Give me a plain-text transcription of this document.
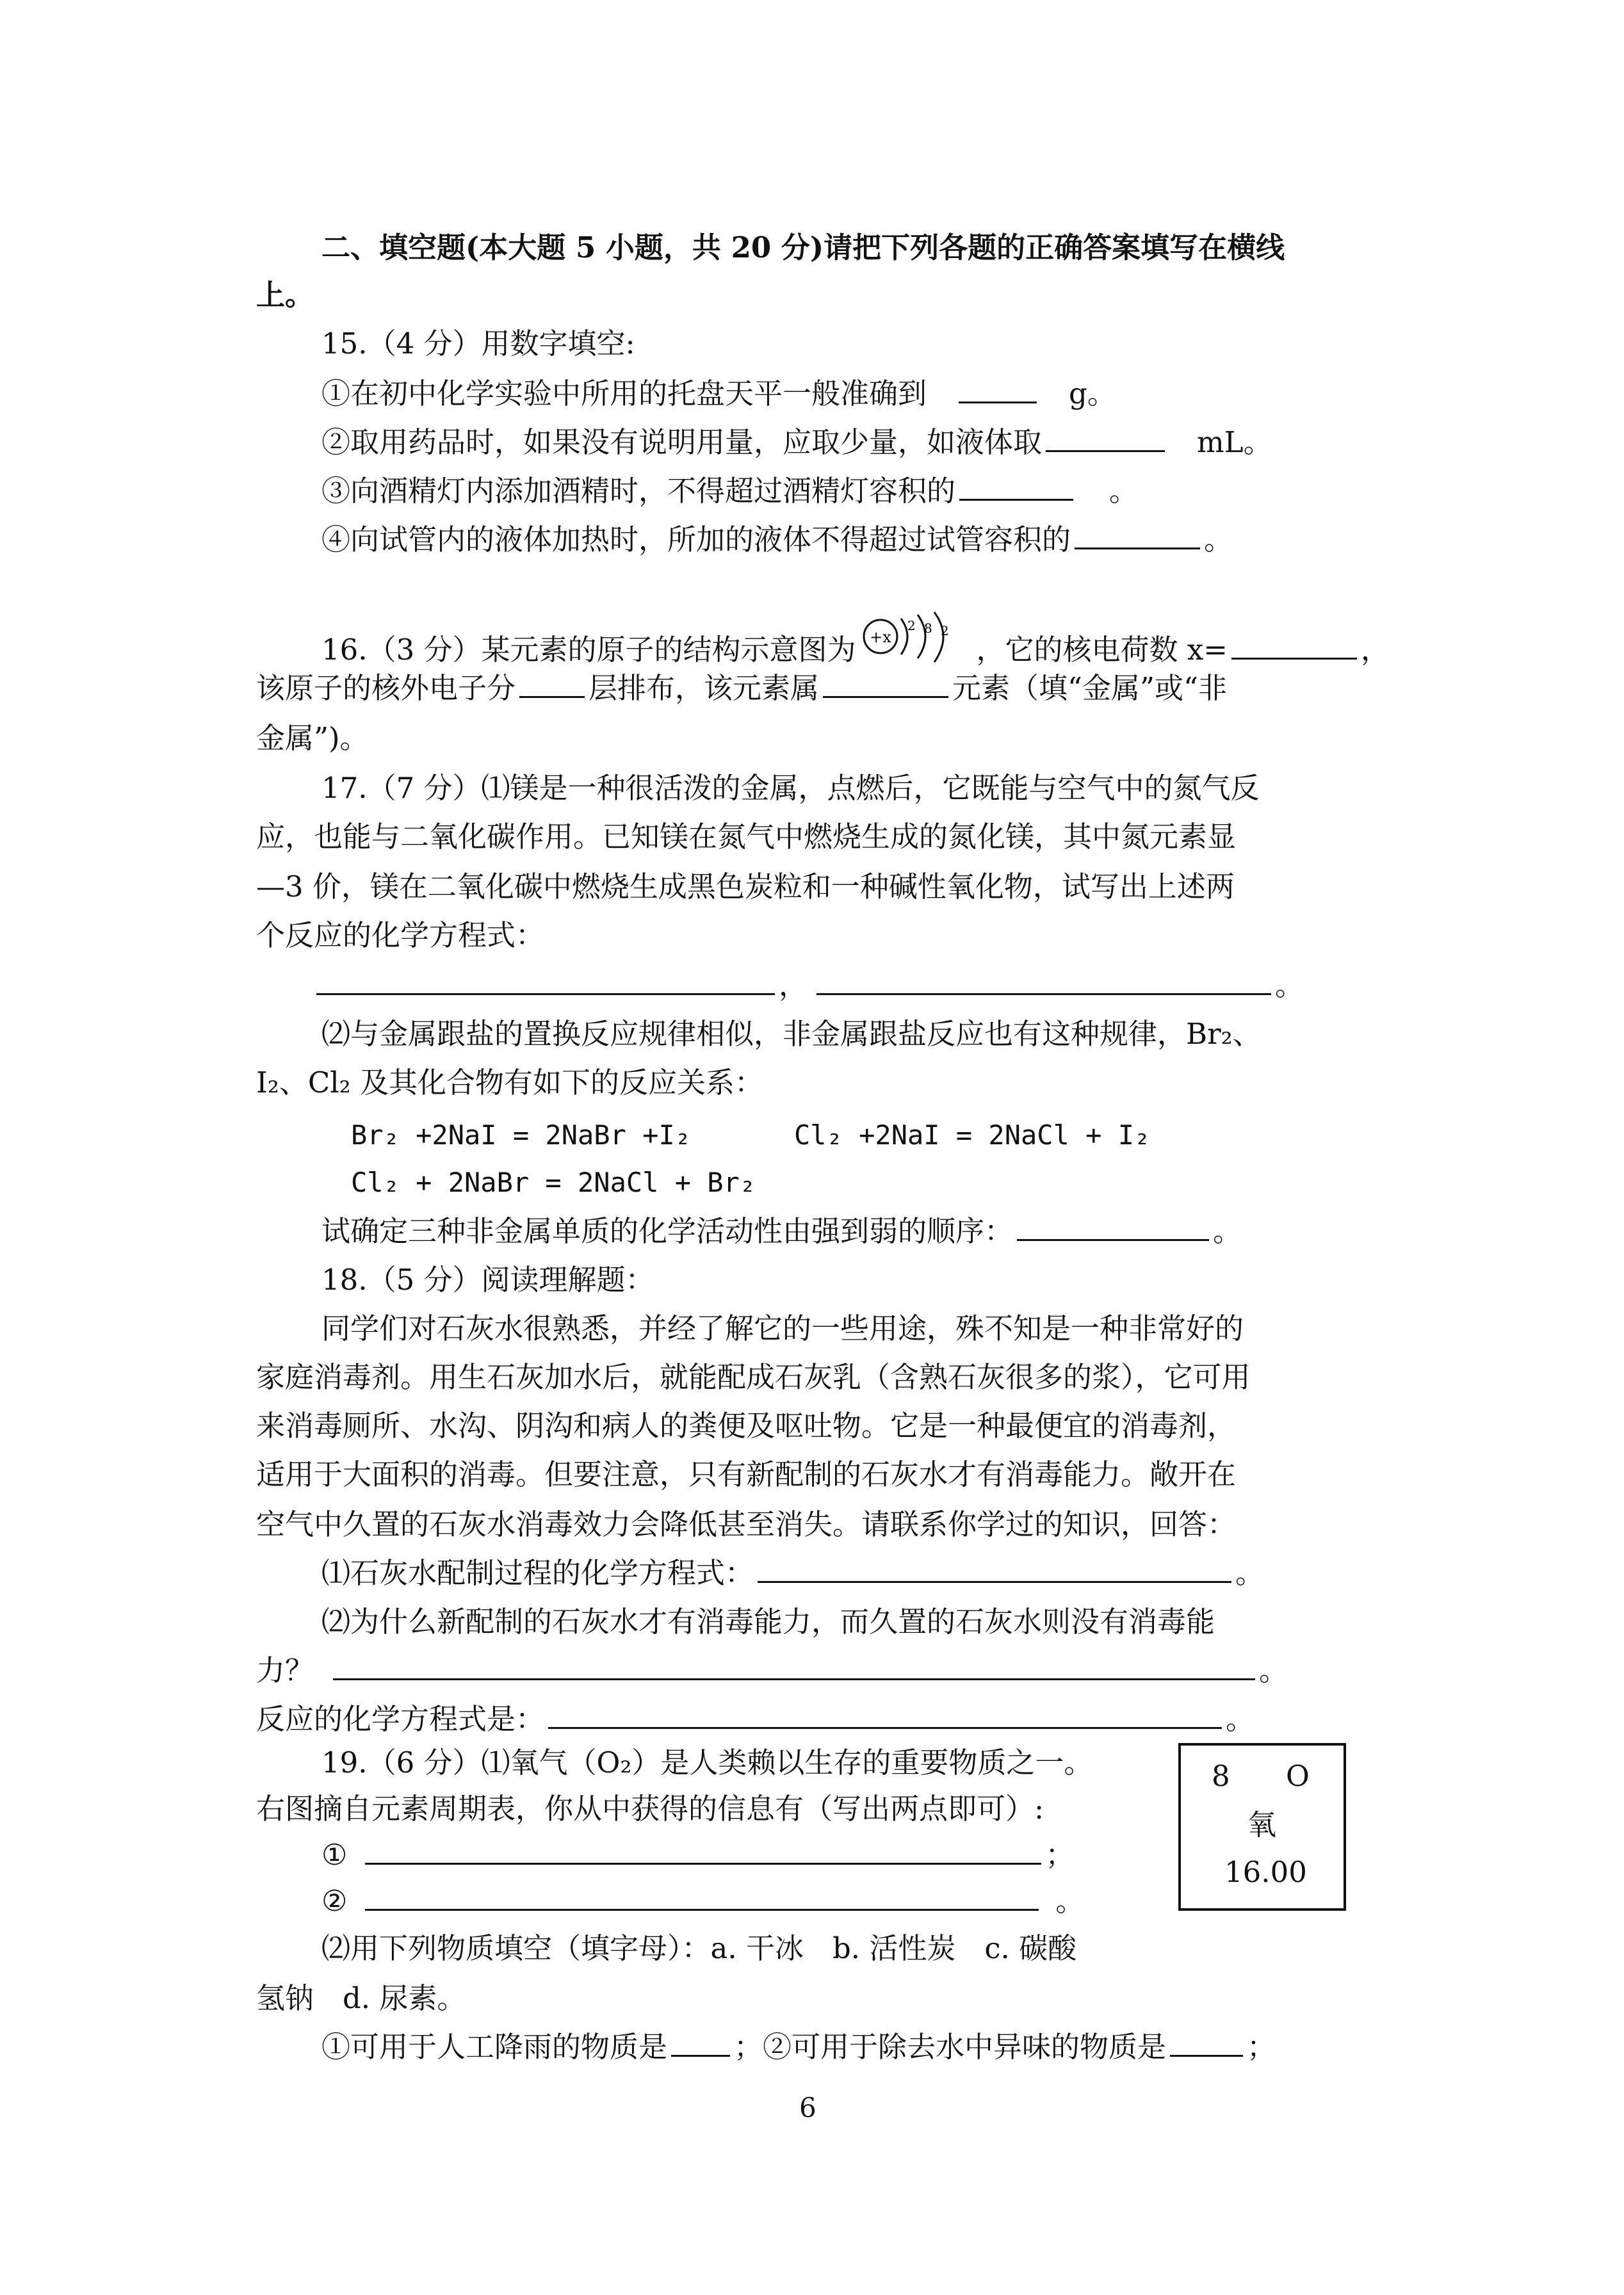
二、填空题(本大题 5 小题，共 20 分)请把下列各题的正确答案填写在横线
上。
15.（4 分）用数字填空:
①在初中化学实验中所用的托盘天平一般准确到	g。
②取用药品时，如果没有说明用量，应取少量，如液体取	mL。
③向酒精灯内添加酒精时，不得超过酒精灯容积的	。
④向试管内的液体加热时，所加的液体不得超过试管容积的	。
16.（3 分）某元素的原子的结构示意图为 +x
2 8 2
，它的核电荷数 x=	，
该原子的核外电子分	层排布，该元素属	元素（填“金属”或“非
金属”)。
17.（7 分）⑴镁是一种很活泼的金属，点燃后，它既能与空气中的氮气反
应，也能与二氧化碳作用。已知镁在氮气中燃烧生成的氮化镁，其中氮元素显
—3 价，镁在二氧化碳中燃烧生成黑色炭粒和一种碱性氧化物，试写出上述两
个反应的化学方程式：
，	。
⑵与金属跟盐的置换反应规律相似，非金属跟盐反应也有这种规律，Br₂、
I₂、Cl₂ 及其化合物有如下的反应关系：
Br₂ +2NaI = 2NaBr +I₂	Cl₂ +2NaI = 2NaCl + I₂
Cl₂ + 2NaBr = 2NaCl + Br₂
试确定三种非金属单质的化学活动性由强到弱的顺序：	。
18.（5 分）阅读理解题：
同学们对石灰水很熟悉，并经了解它的一些用途，殊不知是一种非常好的
家庭消毒剂。用生石灰加水后，就能配成石灰乳（含熟石灰很多的浆），它可用
来消毒厕所、水沟、阴沟和病人的粪便及呕吐物。它是一种最便宜的消毒剂，
适用于大面积的消毒。但要注意，只有新配制的石灰水才有消毒能力。敞开在
空气中久置的石灰水消毒效力会降低甚至消失。请联系你学过的知识，回答：
⑴石灰水配制过程的化学方程式：	。
⑵为什么新配制的石灰水才有消毒能力，而久置的石灰水则没有消毒能
力？	。
反应的化学方程式是：	。
19.（6 分）⑴氧气（O₂）是人类赖以生存的重要物质之一。
右图摘自元素周期表，你从中获得的信息有（写出两点即可）:
①	；
②	。
⑵用下列物质填空（填字母）：a. 干冰　b. 活性炭　c. 碳酸
氢钠　d. 尿素。
①可用于人工降雨的物质是 ；②可用于除去水中异味的物质是	；
8 O
氧
16.00
6
